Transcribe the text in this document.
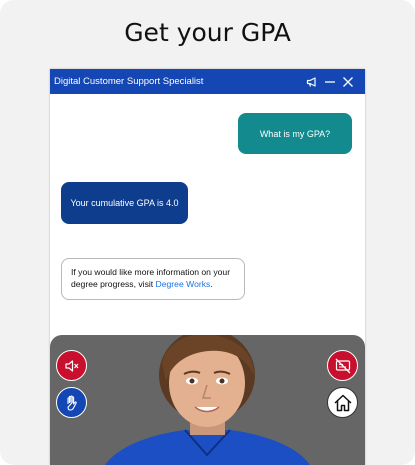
Get your GPA
Digital Customer Support Specialist
What is my GPA?
Your cumulative GPA is 4.0
If you would like more information on your degree progress, visit Degree Works.
